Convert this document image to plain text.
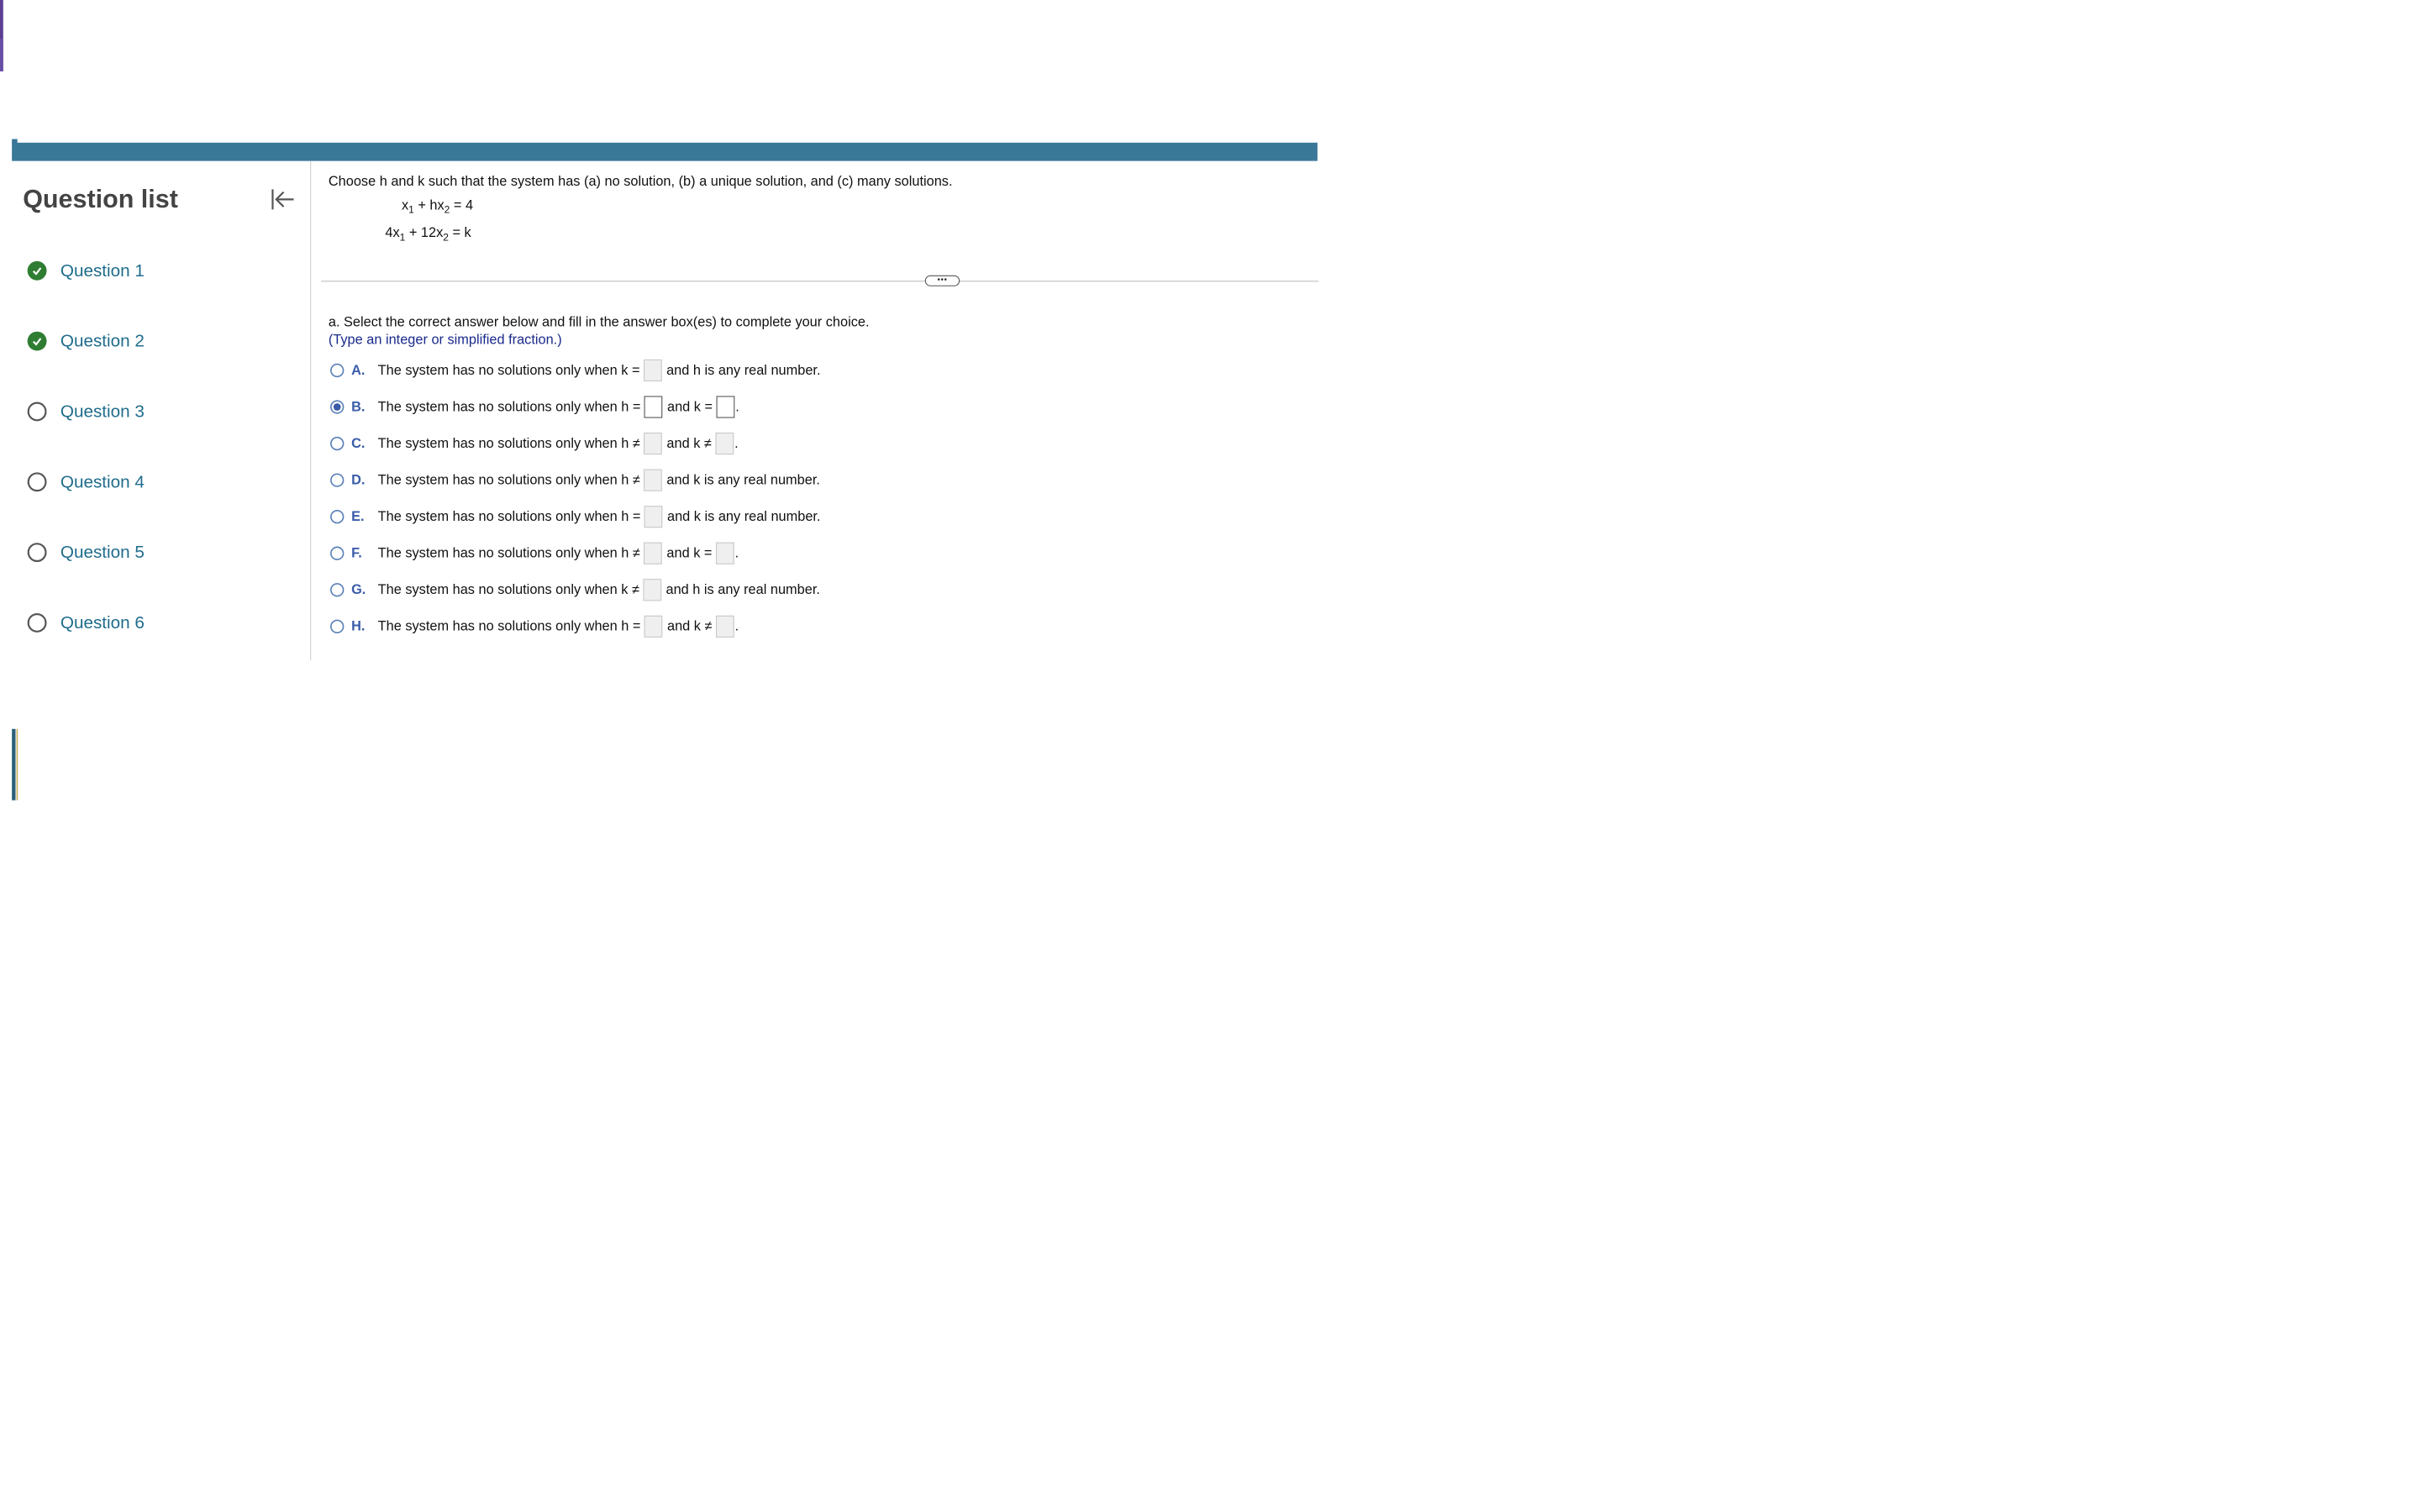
Question list
Question 1
Question 2
Question 3
Question 4
Question 5
Question 6
Choose h and k such that the system has (a) no solution, (b) a unique solution, and (c) many solutions.
$x_1 + hx_2 = 4$
$4x_1 + 12x_2 = k$
•••
a. Select the correct answer below and fill in the answer box(es) to complete your choice.
(Type an integer or simplified fraction.)
A. The system has no solutions only when k = and h is any real number.
B. The system has no solutions only when h = and k = .
C. The system has no solutions only when h ≠ and k ≠ .
D. The system has no solutions only when h ≠ and k is any real number.
E. The system has no solutions only when h = and k is any real number.
F. The system has no solutions only when h ≠ and k = .
G. The system has no solutions only when k ≠ and h is any real number.
H. The system has no solutions only when h = and k ≠ .
